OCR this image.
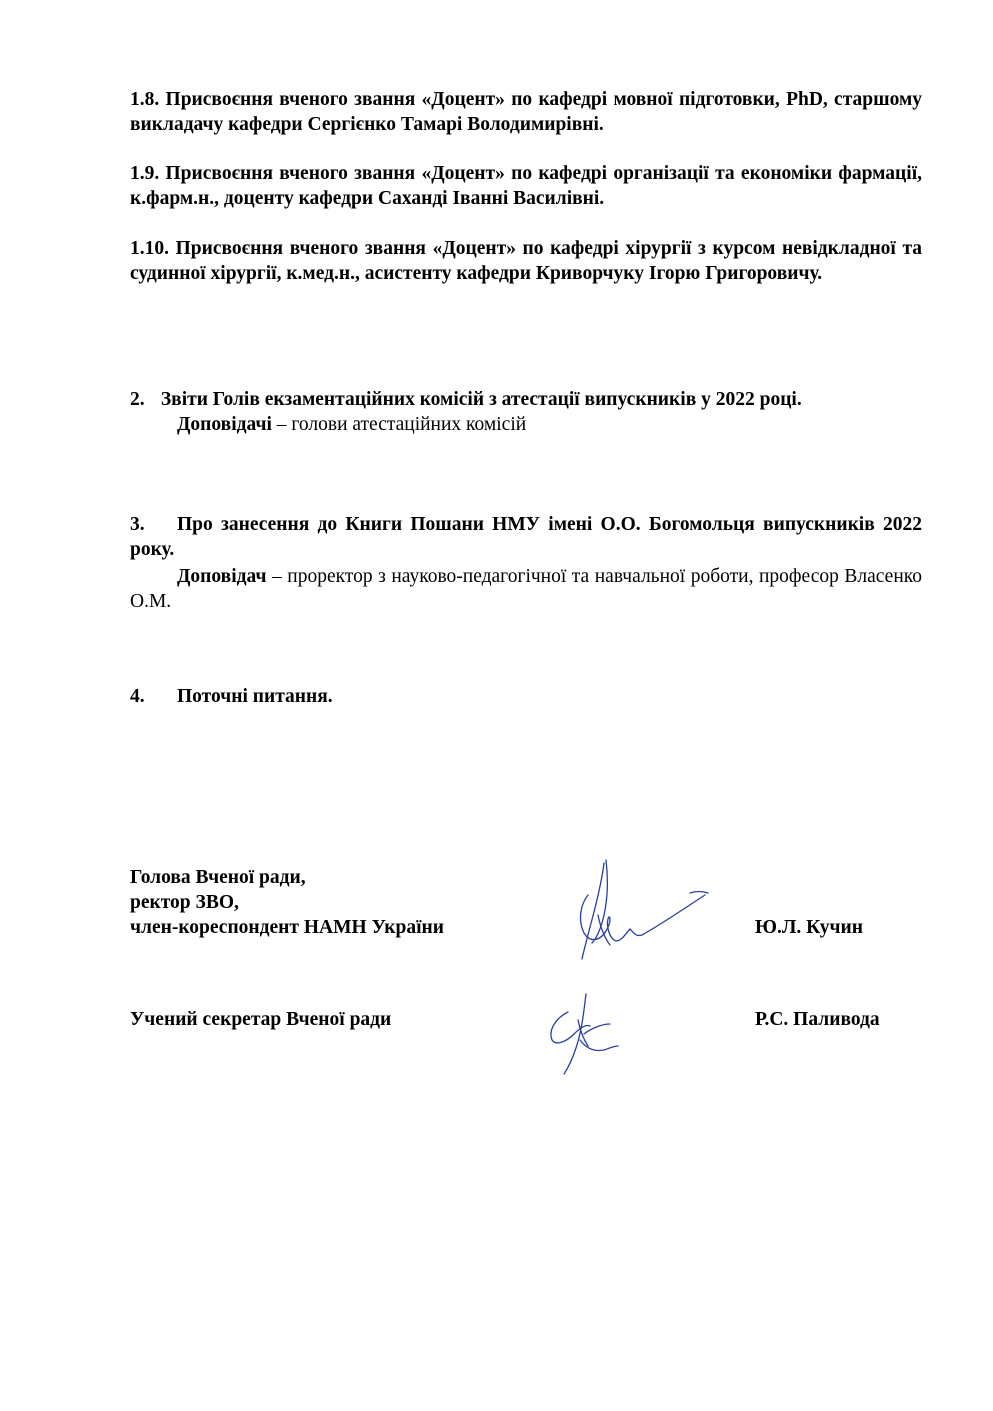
1.8. Присвоєння вченого звання «Доцент» по кафедрі мовної підготовки, PhD, старшому викладачу кафедри Сергієнко Тамарі Володимирівні.
1.9. Присвоєння вченого звання «Доцент» по кафедрі організації та економіки фармації, к.фарм.н., доценту кафедри Саханді Іванні Василівні.
1.10. Присвоєння вченого звання «Доцент» по кафедрі хірургії з курсом невідкладної та судинної хірургії, к.мед.н., асистенту кафедри Криворчуку Ігорю Григоровичу.
2. Звіти Голів екзаментаційних комісій з атестації випускників у 2022 році.
Доповідачі – голови атестаційних комісій
3. Про занесення до Книги Пошани НМУ імені О.О. Богомольця випускників 2022 року.
Доповідач – проректор з науково-педагогічної та навчальної роботи, професор Власенко О.М.
4. Поточні питання.
Голова Вченої ради,
ректор ЗВО,
член-кореспондент НАМН України	Ю.Л. Кучин
Учений секретар Вченої ради	Р.С. Паливода
